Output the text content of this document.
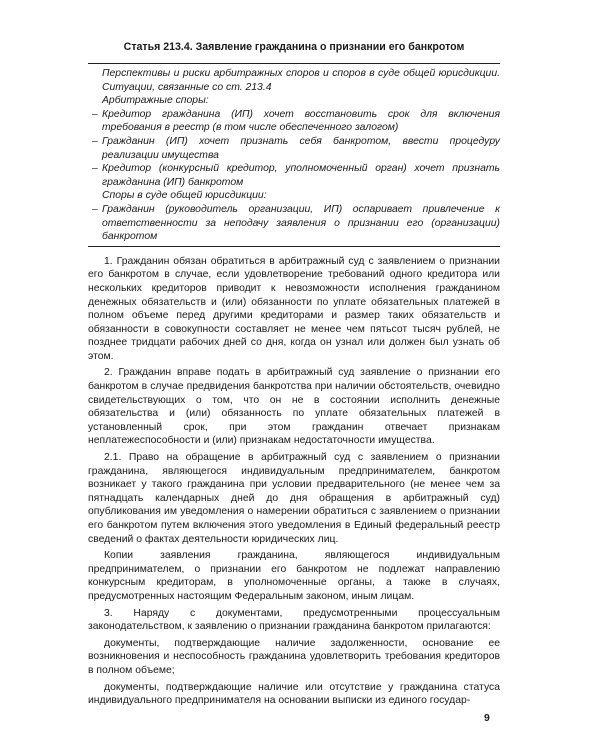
Статья 213.4. Заявление гражданина о признании его банкротом

Перспективы и риски арбитражных споров и споров в суде общей юрисдикции. Ситуации, связанные со ст. 213.4

Арбитражные споры:

– Кредитор гражданина (ИП) хочет восстановить срок для включения требования в реестр (в том числе обеспеченного залогом)
– Гражданин (ИП) хочет признать себя банкротом, ввести процедуру реализации имущества
– Кредитор (конкурсный кредитор, уполномоченный орган) хочет признать гражданина (ИП) банкротом

Споры в суде общей юрисдикции:

– Гражданин (руководитель организации, ИП) оспаривает привлечение к ответственности за неподачу заявления о признании его (организации) банкротом

1. Гражданин обязан обратиться в арбитражный суд с заявлением о признании его банкротом в случае, если удовлетворение требований одного кредитора или нескольких кредиторов приводит к невозможности исполнения гражданином денежных обязательств и (или) обязанности по уплате обязательных платежей в полном объеме перед другими кредиторами и размер таких обязательств и обязанности в совокупности составляет не менее чем пятьсот тысяч рублей, не позднее тридцати рабочих дней со дня, когда он узнал или должен был узнать об этом.

2. Гражданин вправе подать в арбитражный суд заявление о признании его банкротом в случае предвидения банкротства при наличии обстоятельств, очевидно свидетельствующих о том, что он не в состоянии исполнить денежные обязательства и (или) обязанность по уплате обязательных платежей в установленный срок, при этом гражданин отвечает признакам неплатежеспособности и (или) признакам недостаточности имущества.

2.1. Право на обращение в арбитражный суд с заявлением о признании гражданина, являющегося индивидуальным предпринимателем, банкротом возникает у такого гражданина при условии предварительного (не менее чем за пятнадцать календарных дней до дня обращения в арбитражный суд) опубликования им уведомления о намерении обратиться с заявлением о признании его банкротом путем включения этого уведомления в Единый федеральный реестр сведений о фактах деятельности юридических лиц.

Копии заявления гражданина, являющегося индивидуальным предпринимателем, о признании его банкротом не подлежат направлению конкурсным кредиторам, в уполномоченные органы, а также в случаях, предусмотренных настоящим Федеральным законом, иным лицам.

3. Наряду с документами, предусмотренными процессуальным законодательством, к заявлению о признании гражданина банкротом прилагаются:

документы, подтверждающие наличие задолженности, основание ее возникновения и неспособность гражданина удовлетворить требования кредиторов в полном объеме;

документы, подтверждающие наличие или отсутствие у гражданина статуса индивидуального предпринимателя на основании выписки из единого государ-

9
